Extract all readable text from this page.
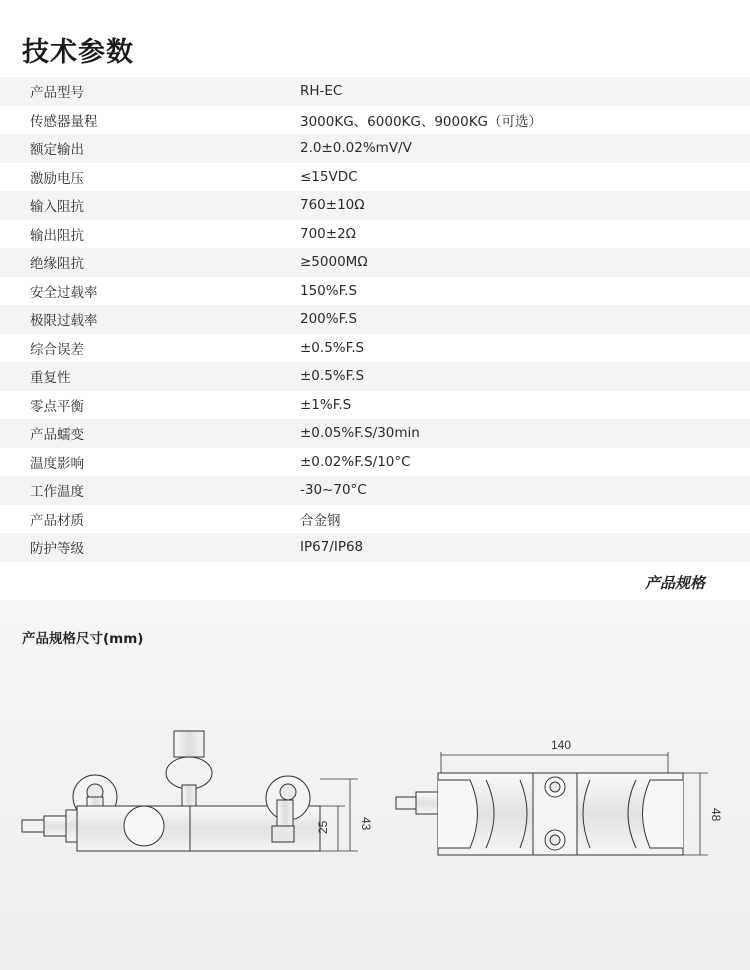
技术参数
产品型号	RH-EC
传感器量程	3000KG、6000KG、9000KG（可选）
额定输出	2.0±0.02%mV/V
激励电压	≤15VDC
输入阻抗	760±10Ω
输出阻抗	700±2Ω
绝缘阻抗	≥5000MΩ
安全过载率	150%F.S
极限过载率	200%F.S
综合误差	±0.5%F.S
重复性	±0.5%F.S
零点平衡	±1%F.S
产品蠕变	±0.05%F.S/30min
温度影响	±0.02%F.S/10°C
工作温度	-30~70°C
产品材质	合金钢
防护等级	IP67/IP68
产品规格
产品规格尺寸(mm)
43
25
140
48
